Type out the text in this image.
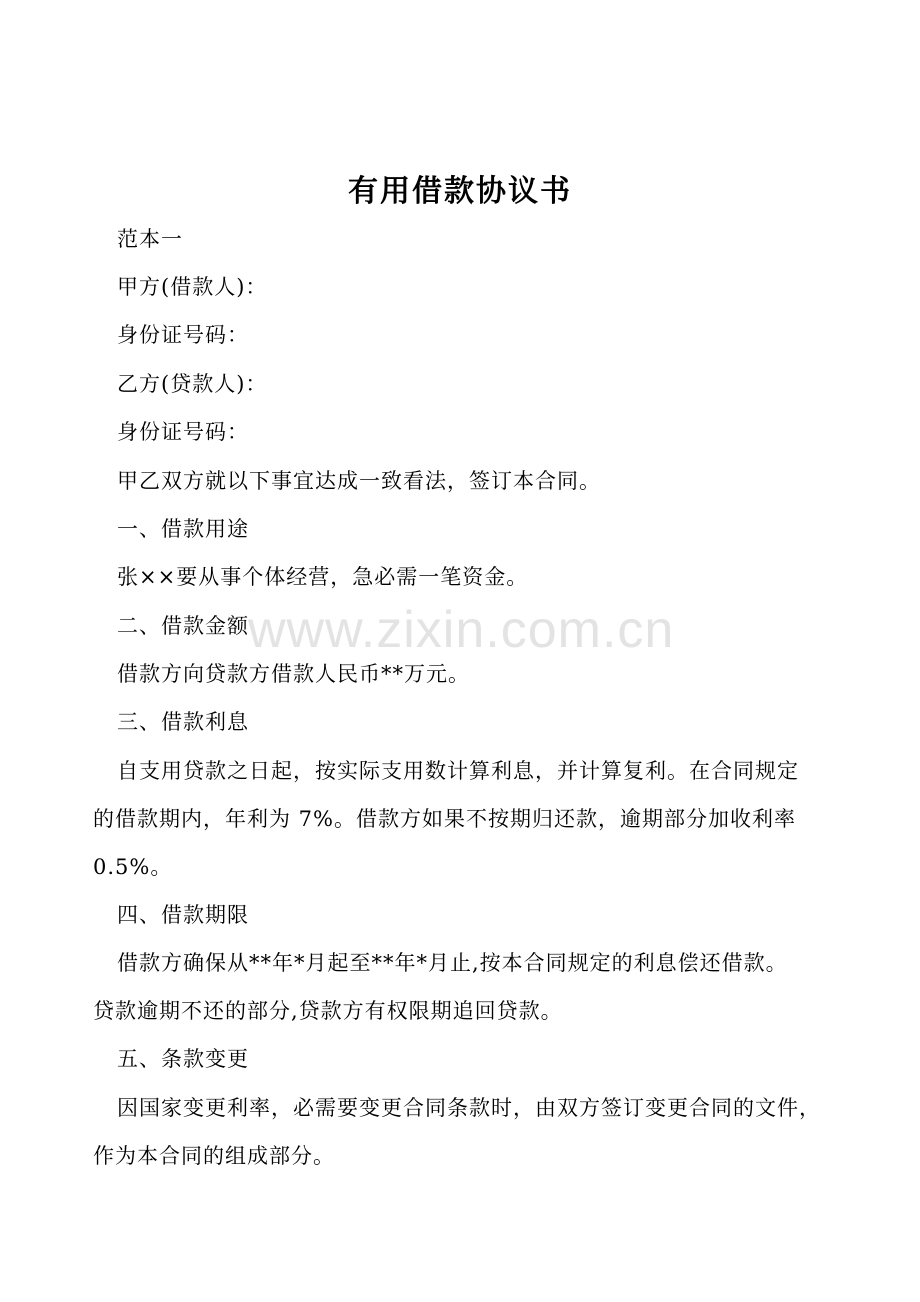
www.zixin.com.cn
有用借款协议书
范本一
甲方(借款人)：
身份证号码：
乙方(贷款人)：
身份证号码：
甲乙双方就以下事宜达成一致看法，签订本合同。
一、借款用途
张××要从事个体经营，急必需一笔资金。
二、借款金额
借款方向贷款方借款人民币**万元。
三、借款利息
自支用贷款之日起，按实际支用数计算利息，并计算复利。在合同规定
的借款期内，年利为 7%。借款方如果不按期归还款，逾期部分加收利率
0.5%。
四、借款期限
借款方确保从**年*月起至**年*月止,按本合同规定的利息偿还借款。
贷款逾期不还的部分,贷款方有权限期追回贷款。
五、条款变更
因国家变更利率，必需要变更合同条款时，由双方签订变更合同的文件，
作为本合同的组成部分。
